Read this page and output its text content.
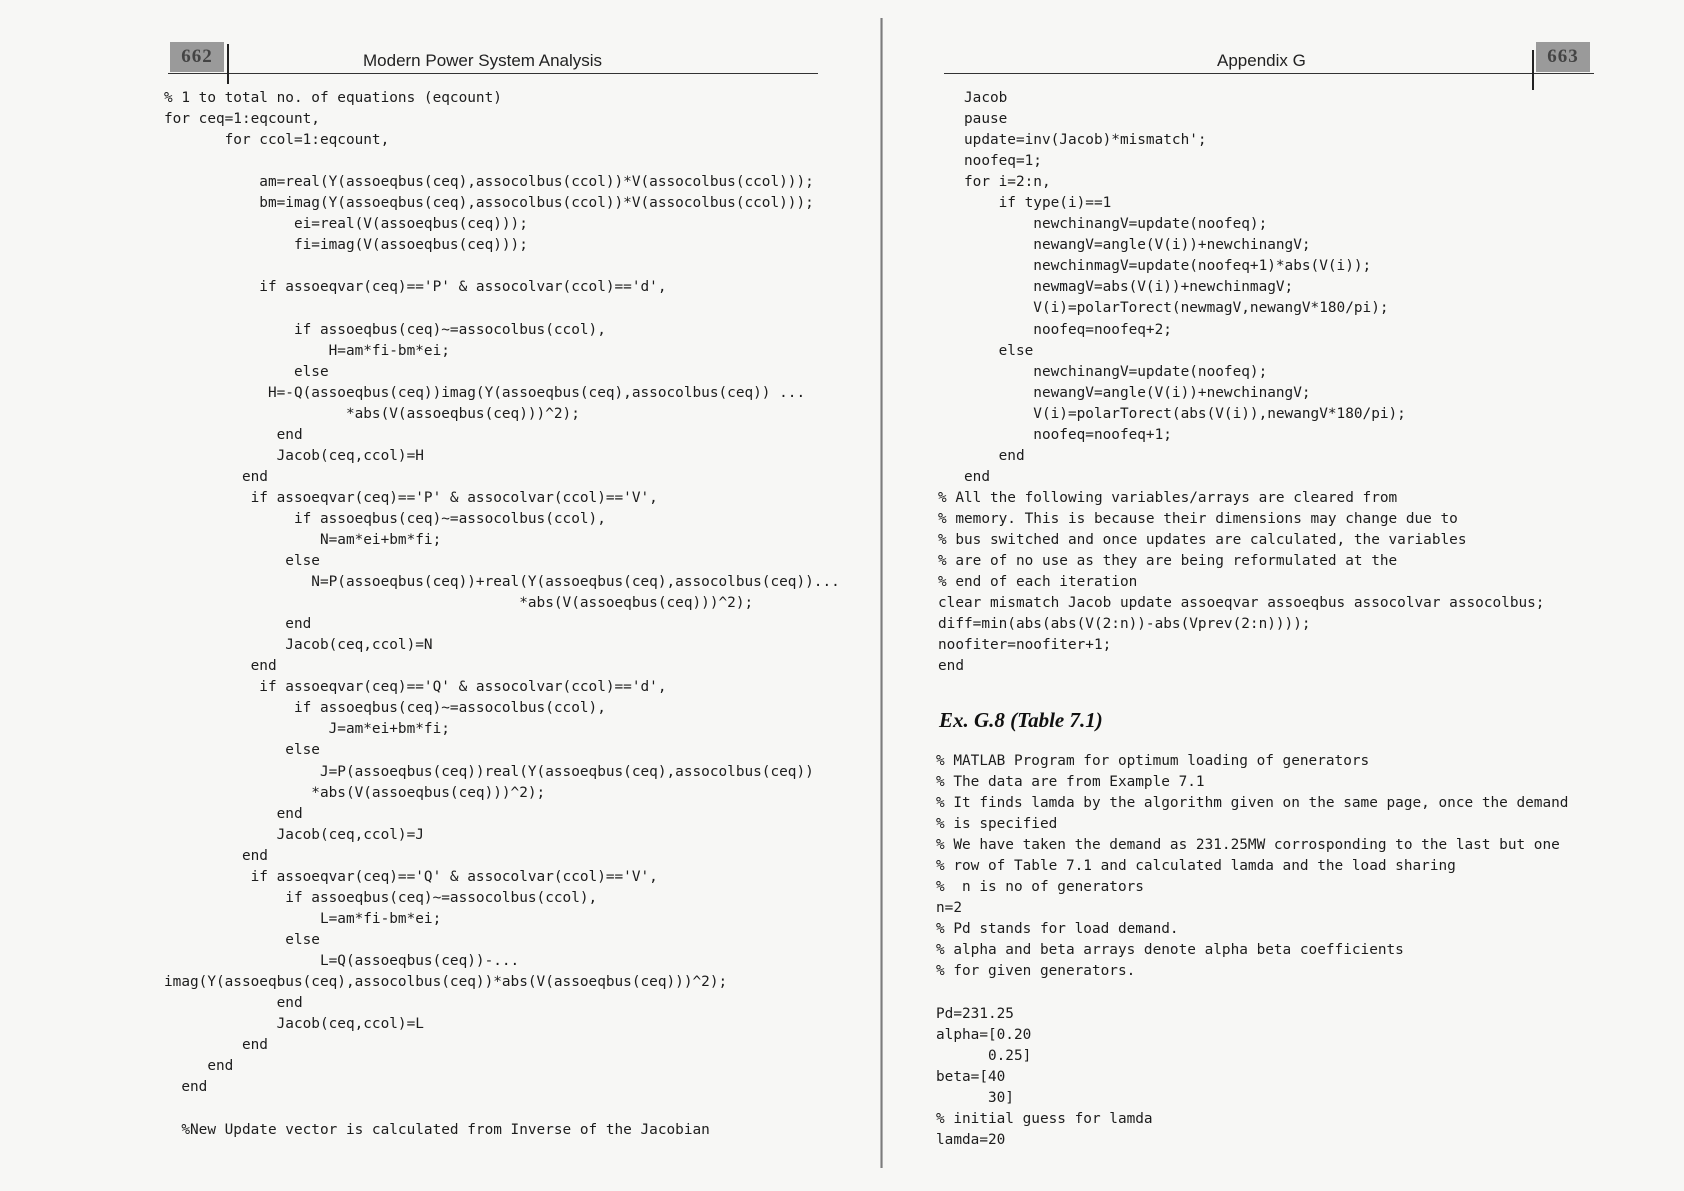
Modern Power System Analysis
662
% 1 to total no. of equations (eqcount)
for ceq=1:eqcount,
for ccol=1:eqcount,

am=real(Y(assoeqbus(ceq),assocolbus(ccol))*V(assocolbus(ccol)));
bm=imag(Y(assoeqbus(ceq),assocolbus(ccol))*V(assocolbus(ccol)));
ei=real(V(assoeqbus(ceq)));
fi=imag(V(assoeqbus(ceq)));

if assoeqvar(ceq)=='P' & assocolvar(ccol)=='d',

if assoeqbus(ceq)~=assocolbus(ccol),
H=am*fi-bm*ei;
else
H=-Q(assoeqbus(ceq))imag(Y(assoeqbus(ceq),assocolbus(ceq)) ...
*abs(V(assoeqbus(ceq)))^2);
end
Jacob(ceq,ccol)=H
end
if assoeqvar(ceq)=='P' & assocolvar(ccol)=='V',
if assoeqbus(ceq)~=assocolbus(ccol),
N=am*ei+bm*fi;
else
N=P(assoeqbus(ceq))+real(Y(assoeqbus(ceq),assocolbus(ceq))...
*abs(V(assoeqbus(ceq)))^2);
end
Jacob(ceq,ccol)=N
end
if assoeqvar(ceq)=='Q' & assocolvar(ccol)=='d',
if assoeqbus(ceq)~=assocolbus(ccol),
J=am*ei+bm*fi;
else
J=P(assoeqbus(ceq))real(Y(assoeqbus(ceq),assocolbus(ceq))
*abs(V(assoeqbus(ceq)))^2);
end
Jacob(ceq,ccol)=J
end
if assoeqvar(ceq)=='Q' & assocolvar(ccol)=='V',
if assoeqbus(ceq)~=assocolbus(ccol),
L=am*fi-bm*ei;
else
L=Q(assoeqbus(ceq))-...
imag(Y(assoeqbus(ceq),assocolbus(ceq))*abs(V(assoeqbus(ceq)))^2);
end
Jacob(ceq,ccol)=L
end
end
end
%New Update vector is calculated from Inverse of the Jacobian
Appendix G	663
Jacob
pause
update=inv(Jacob)*mismatch';
noofeq=1;
for i=2:n,
if type(i)==1
newchinangV=update(noofeq);
newangV=angle(V(i))+newchinangV;
newchinmagV=update(noofeq+1)*abs(V(i));
newmagV=abs(V(i))+newchinmagV;
V(i)=polarTorect(newmagV,newangV*180/pi);
noofeq=noofeq+2;
else
newchinangV=update(noofeq);
newangV=angle(V(i))+newchinangV;
V(i)=polarTorect(abs(V(i)),newangV*180/pi);
noofeq=noofeq+1;
end
end
% All the following variables/arrays are cleared from
% memory. This is because their dimensions may change due to
% bus switched and once updates are calculated, the variables
% are of no use as they are being reformulated at the
% end of each iteration
clear mismatch Jacob update assoeqvar assoeqbus assocolvar assocolbus;
diff=min(abs(abs(V(2:n))-abs(Vprev(2:n))));
noofiter=noofiter+1;
end
Ex. G.8 (Table 7.1)
% MATLAB Program for optimum loading of generators
% The data are from Example 7.1
% It finds lamda by the algorithm given on the same page, once the demand
% is specified
% We have taken the demand as 231.25MW corrosponding to the last but one
% row of Table 7.1 and calculated lamda and the load sharing
%  n is no of generators
n=2
% Pd stands for load demand.
% alpha and beta arrays denote alpha beta coefficients
% for given generators.

Pd=231.25
alpha=[0.20
0.25]
beta=[40
30]
% initial guess for lamda
lamda=20
